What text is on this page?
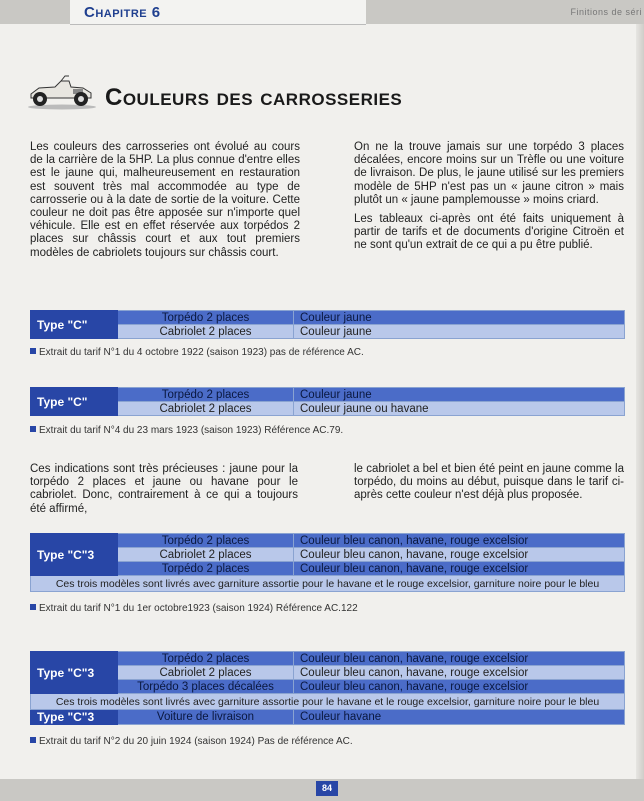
Chapitre 6	Finitions de séri
Couleurs des carrosseries

Les couleurs des carrosseries ont évolué au cours de la carrière de la 5HP. La plus connue d'entre elles est le jaune qui, malheureusement en restauration est souvent très mal accommodée au type de carrosserie ou à la date de sortie de la voiture. Cette couleur ne doit pas être apposée sur n'importe quel véhicule. Elle est en effet réservée aux torpédos 2 places sur châssis court et aux tout premiers modèles de cabriolets toujours sur châssis court.

On ne la trouve jamais sur une torpédo 3 places décalées, encore moins sur un Trèfle ou une voiture de livraison. De plus, le jaune utilisé sur les premiers modèle de 5HP n'est pas un « jaune citron » mais plutôt un « jaune pamplemousse » moins criard.

Les tableaux ci-après ont été faits uniquement à partir de tarifs et de documents d'origine Citroën et ne sont qu'un extrait de ce qui a pu être publié.

Type "C"	Torpédo 2 places	Couleur jaune
	Cabriolet 2 places	Couleur jaune
Extrait du tarif N°1 du 4 octobre 1922 (saison 1923) pas de référence AC.
Type "C"	Torpédo 2 places	Couleur jaune
	Cabriolet 2 places	Couleur jaune ou havane
Extrait du tarif N°4 du 23 mars 1923 (saison 1923) Référence AC.79.

Ces indications sont très précieuses : jaune pour la torpédo 2 places et jaune ou havane pour le cabriolet. Donc, contrairement à ce qui a toujours été affirmé,

le cabriolet a bel et bien été peint en jaune comme la torpédo, du moins au début, puisque dans le tarif ci-après cette couleur n'est déjà plus proposée.

Type "C"3	Torpédo 2 places	Couleur bleu canon, havane, rouge excelsior
	Cabriolet 2 places	Couleur bleu canon, havane, rouge excelsior
	Torpédo 2 places	Couleur bleu canon, havane, rouge excelsior
Ces trois modèles sont livrés avec garniture assortie pour le havane et le rouge excelsior, garniture noire pour le bleu		
Extrait du tarif N°1 du 1er octobre1923 (saison 1924) Référence AC.122
Type "C"3	Torpédo 2 places	Couleur bleu canon, havane, rouge excelsior
	Cabriolet 2 places	Couleur bleu canon, havane, rouge excelsior
	Torpédo 3 places décalées	Couleur bleu canon, havane, rouge excelsior
Ces trois modèles sont livrés avec garniture assortie pour le havane et le rouge excelsior, garniture noire pour le bleu		
Type "C"3	Voiture de livraison	Couleur havane
Extrait du tarif N°2 du 20 juin 1924 (saison 1924) Pas de référence AC.
84
